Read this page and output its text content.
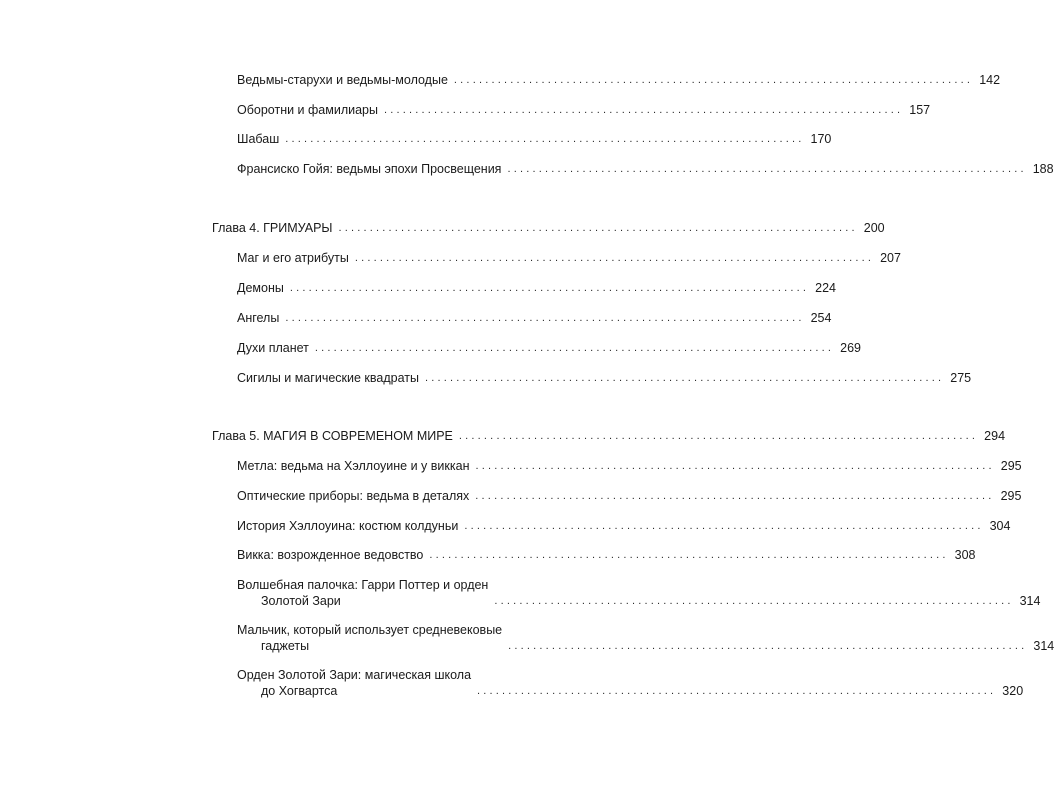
Ведьмы-старухи и ведьмы-молодые ................................................................................... 142
Оборотни и фамилиары ................................................................................... 157
Шабаш ................................................................................... 170
Франсиско Гойя: ведьмы эпохи Просвещения ................................................................................... 188
Глава 4. ГРИМУАРЫ ................................................................................... 200
Маг и его атрибуты ................................................................................... 207
Демоны ................................................................................... 224
Ангелы ................................................................................... 254
Духи планет ................................................................................... 269
Сигилы и магические квадраты ................................................................................... 275
Глава 5. МАГИЯ В СОВРЕМЕНОМ МИРЕ ................................................................................... 294
Метла: ведьма на Хэллоуине и у виккан ................................................................................... 295
Оптические приборы: ведьма в деталях ................................................................................... 295
История Хэллоуина: костюм колдуньи ................................................................................... 304
Викка: возрожденное ведовство ................................................................................... 308
Волшебная палочка: Гарри Поттер и орден
Золотой Зари	................................................................................... 314
Мальчик, который использует средневековые
гаджеты	................................................................................... 314
Орден Золотой Зари: магическая школа
до Хогвартса	................................................................................... 320
